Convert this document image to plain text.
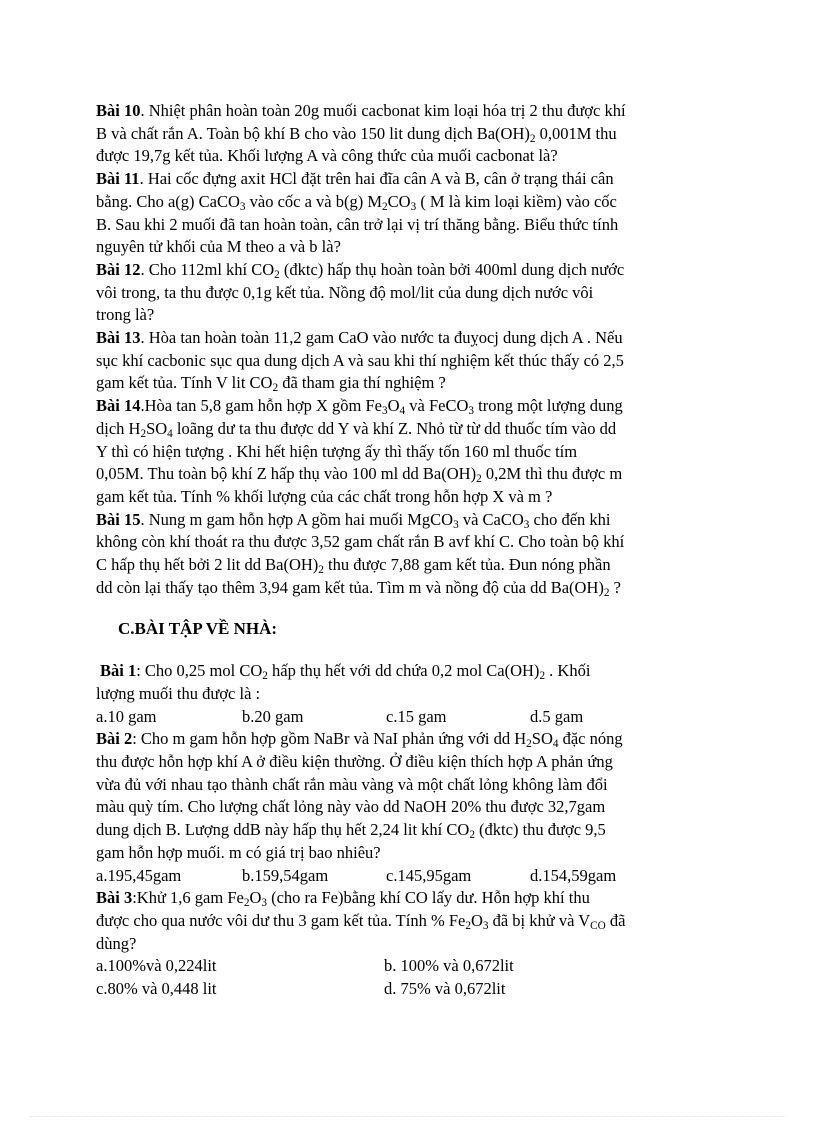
Bài 10. Nhiệt phân hoàn toàn 20g muối cacbonat kim loại hóa trị 2 thu được khí
B và chất rắn A. Toàn bộ khí B cho vào 150 lit dung dịch $Ba(OH)_2$ 0,001M thu
được 19,7g kết tủa. Khối lượng A và công thức của muối cacbonat là?

Bài 11. Hai cốc đựng axit HCl đặt trên hai đĩa cân A và B, cân ở trạng thái cân
bằng. Cho a(g) CaCO$_3$ vào cốc a và b(g) $M_2CO_3$ ( M là kim loại kiềm) vào cốc
B. Sau khi 2 muối đã tan hoàn toàn, cân trở lại vị trí thăng bằng. Biểu thức tính
nguyên tử khối của M theo a và b là?

Bài 12. Cho 112ml khí $CO_2$ (đktc) hấp thụ hoàn toàn bởi 400ml dung dịch nước
vôi trong, ta thu được 0,1g kết tủa. Nồng độ mol/lit của dung dịch nước vôi
trong là?

Bài 13. Hòa tan hoàn toàn 11,2 gam CaO vào nước ta đuỵocj dung dịch A . Nếu
sục khí cacbonic sục qua dung dịch A và sau khi thí nghiệm kết thúc thấy có 2,5
gam kết tủa. Tính V lit $CO_2$ đã tham gia thí nghiệm ?

Bài 14.Hòa tan 5,8 gam hỗn hợp X gồm $Fe_3O_4$ và FeCO$_3$ trong một lượng dung
dịch $H_2SO_4$ loãng dư ta thu được dd Y và khí Z. Nhỏ từ từ dd thuốc tím vào dd
Y thì có hiện tượng . Khi hết hiện tượng ấy thì thấy tốn 160 ml thuốc tím
0,05M. Thu toàn bộ khí Z hấp thụ vào 100 ml dd $Ba(OH)_2$ 0,2M thì thu được m
gam kết tủa. Tính % khối lượng của các chất trong hỗn hợp X và m ?

Bài 15. Nung m gam hỗn hợp A gồm hai muối MgCO$_3$ và CaCO$_3$ cho đến khi
không còn khí thoát ra thu được 3,52 gam chất rắn B avf khí C. Cho toàn bộ khí
C hấp thụ hết bởi 2 lit dd $Ba(OH)_2$ thu được 7,88 gam kết tủa. Đun nóng phần
dd còn lại thấy tạo thêm 3,94 gam kết tủa. Tìm m và nồng độ của dd $Ba(OH)_2$ ?

C.BÀI TẬP VỀ NHÀ:

Bài 1: Cho 0,25 mol $CO_2$ hấp thụ hết với dd chứa 0,2 mol $Ca(OH)_2$ . Khối

lượng muối thu được là :

a.10 gam	b.20 gam	c.15 gam	d.5 gam

Bài 2: Cho m gam hỗn hợp gồm NaBr và NaI phản ứng với dd $H_2SO_4$ đặc nóng
thu được hỗn hợp khí A ở điều kiện thường. Ở điều kiện thích hợp A phản ứng
vừa đủ với nhau tạo thành chất rắn màu vàng và một chất lỏng không làm đổi
màu quỳ tím. Cho lượng chất lỏng này vào dd NaOH 20% thu được 32,7gam
dung dịch B. Lượng ddB này hấp thụ hết 2,24 lit khí $CO_2$ (đktc) thu được 9,5
gam hỗn hợp muối. m có giá trị bao nhiêu?

a.195,45gam	b.159,54gam	c.145,95gam	d.154,59gam

Bài 3:Khử 1,6 gam $Fe_2O_3$ (cho ra Fe)bằng khí CO lấy dư. Hỗn hợp khí thu
được cho qua nước vôi dư thu 3 gam kết tủa. Tính % $Fe_2O_3$ đã bị khử và $V_{CO}$ đã
dùng?

a.100%và 0,224lit	b. 100% và 0,672lit
c.80% và 0,448 lit	d. 75% và 0,672lit
